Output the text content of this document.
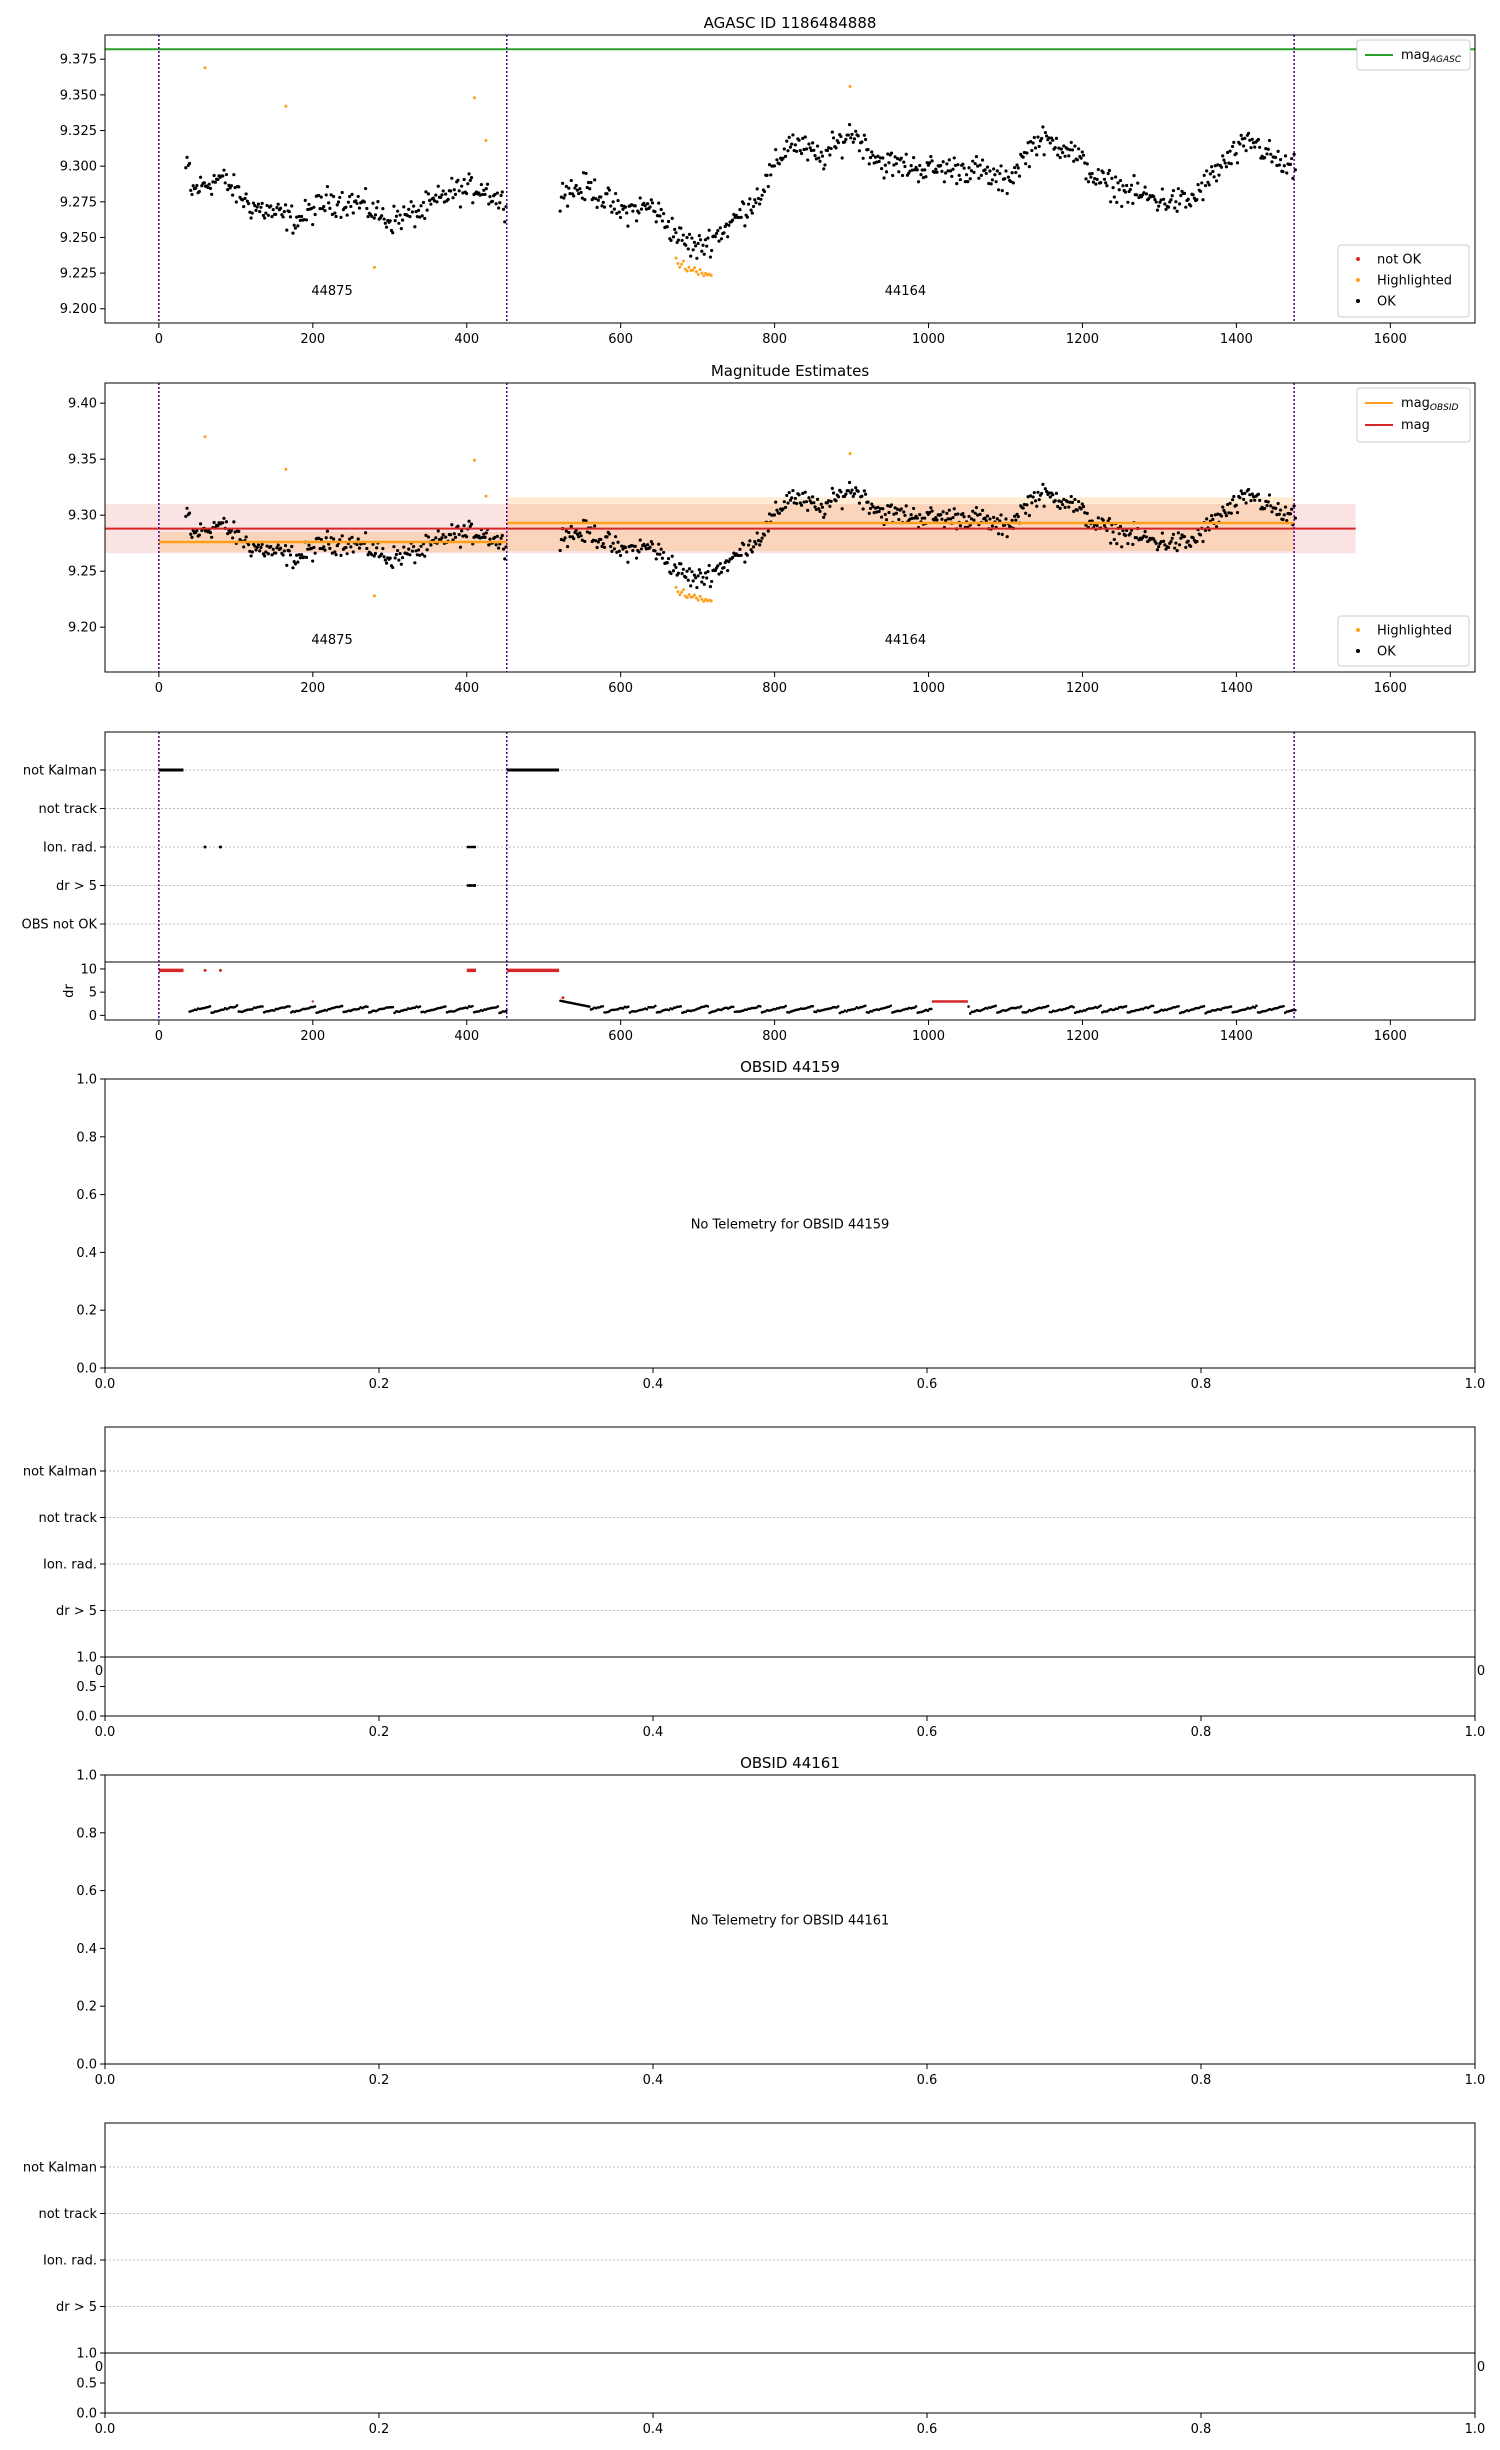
AGASC ID 1186484888
44875	44164
0	200	400	600	800	1000	1200	1400	1600
9.200
9.225
9.250
9.275
9.300
9.325
9.350
9.375	mag$_{AGASC}$
not OK
Highlighted
OK
Magnitude Estimates
44875	44164
0	200	400	600	800	1000	1200	1400	1600
9.20
9.25
9.30
9.35
9.40	mag$_{OBSID}$
mag
Highlighted
OK
not Kalman
not track
Ion. rad.
dr > 5
OBS not OK
0
5
10
dr
0	200	400	600	800	1000	1200	1400	1600
OBSID 44159
0.0	0.2	0.4	0.6	0.8	1.0
0.0
0.2
0.4
0.6
0.8
1.0
No Telemetry for OBSID 44159
not Kalman
not track
Ion. rad.
dr > 5
0	0
0.0
0.5
1.0
0.0	0.2	0.4	0.6	0.8	1.0
OBSID 44161
0.0	0.2	0.4	0.6	0.8	1.0
0.0
0.2
0.4
0.6
0.8
1.0
No Telemetry for OBSID 44161
not Kalman
not track
Ion. rad.
dr > 5
0	0
0.0
0.5
1.0
0.0	0.2	0.4	0.6	0.8	1.0
